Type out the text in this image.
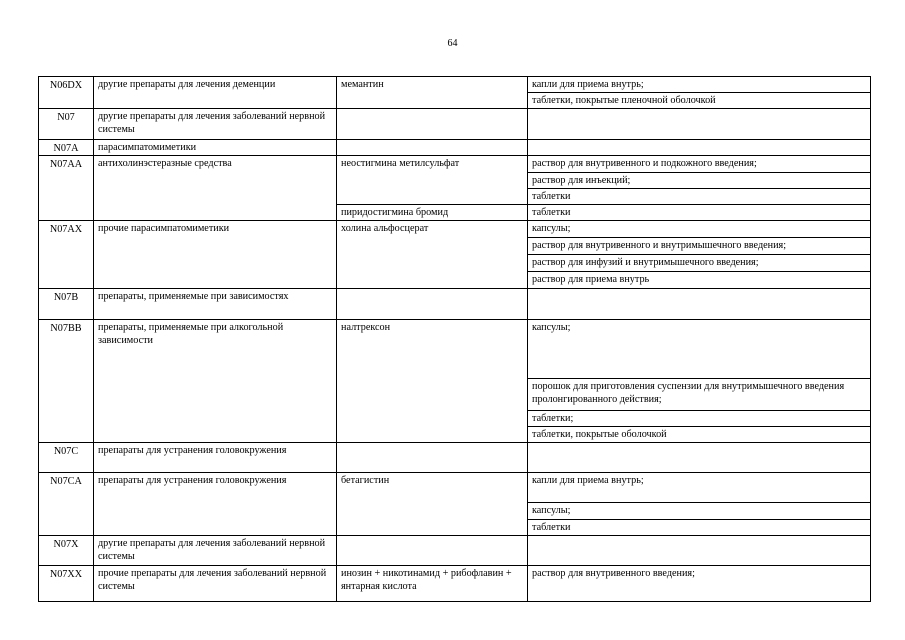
64
N06DX	другие препараты для лечения деменции	мемантин	капли для приема внутрь;
			таблетки, покрытые пленочной оболочкой
N07	другие препараты для лечения заболеваний нервной системы		
N07A	парасимпатомиметики		
N07AA	антихолинэстеразные средства	неостигмина метилсульфат	раствор для внутривенного и подкожного введения;
			раствор для инъекций;
			таблетки
		пиридостигмина бромид	таблетки
N07AX	прочие парасимпатомиметики	холина альфосцерат	капсулы;
			раствор для внутривенного и внутримышечного введения;
			раствор для инфузий и внутримышечного введения;
			раствор для приема внутрь
N07B	препараты, применяемые при зависимостях		
N07BB	препараты, применяемые при алкогольной зависимости	налтрексон	капсулы;
			порошок для приготовления суспензии для внутримышечного введения пролонгированного действия;
			таблетки;
			таблетки, покрытые оболочкой
N07C	препараты для устранения головокружения		
N07CA	препараты для устранения головокружения	бетагистин	капли для приема внутрь;
			капсулы;
			таблетки
N07X	другие препараты для лечения заболеваний нервной системы		
N07XX	прочие препараты для лечения заболеваний нервной системы	инозин + никотинамид + рибофлавин + янтарная кислота	раствор для внутривенного введения;
